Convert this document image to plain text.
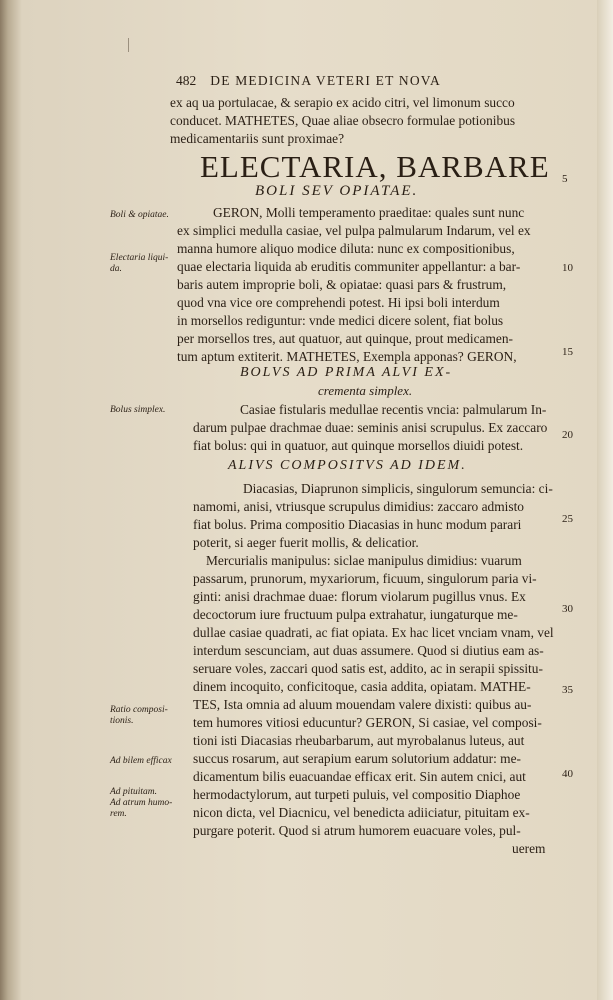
482 DE MEDICINA VETERI ET NOVA
ex aq ua portulacae, & serapio ex acido citri, vel limonum succo
conducet. MATHETES, Quae aliae obsecro formulae potionibus
medicamentariis sunt proximae?
ELECTARIA, BARBARE
BOLI SEV OPIATAE.
GERON, Molli temperamento praeditae: quales sunt nunc
ex simplici medulla casiae, vel pulpa palmularum Indarum, vel ex
manna humore aliquo modice diluta: nunc ex compositionibus,
quae electaria liquida ab eruditis communiter appellantur: a bar-
baris autem improprie boli, & opiatae: quasi pars & frustrum,
quod vna vice ore comprehendi potest. Hi ipsi boli interdum
in morsellos rediguntur: vnde medici dicere solent, fiat bolus
per morsellos tres, aut quatuor, aut quinque, prout medicamen-
tum aptum extiterit. MATHETES, Exempla apponas? GERON,
BOLVS AD PRIMA ALVI EX-
crementa simplex.
Casiae fistularis medullae recentis vncia: palmularum In-
darum pulpae drachmae duae: seminis anisi scrupulus. Ex zaccaro
fiat bolus: qui in quatuor, aut quinque morsellos diuidi potest.
ALIVS COMPOSITVS AD IDEM.
Diacasias, Diaprunon simplicis, singulorum semuncia: ci-
namomi, anisi, vtriusque scrupulus dimidius: zaccaro admisto
fiat bolus. Prima compositio Diacasias in hunc modum parari
poterit, si aeger fuerit mollis, & delicatior.
Mercurialis manipulus: siclae manipulus dimidius: vuarum
passarum, prunorum, myxariorum, ficuum, singulorum paria vi-
ginti: anisi drachmae duae: florum violarum pugillus vnus. Ex
decoctorum iure fructuum pulpa extrahatur, iungaturque me-
dullae casiae quadrati, ac fiat opiata. Ex hac licet vnciam vnam, vel
interdum sescunciam, aut duas assumere. Quod si diutius eam as-
seruare voles, zaccari quod satis est, addito, ac in serapii spissitu-
dinem incoquito, conficitoque, casia addita, opiatam. MATHE-
TES, Ista omnia ad aluum mouendam valere dixisti: quibus au-
tem humores vitiosi educuntur? GERON, Si casiae, vel composi-
tioni isti Diacasias rheubarbarum, aut myrobalanus luteus, aut
succus rosarum, aut serapium earum solutorium addatur: me-
dicamentum bilis euacuandae efficax erit. Sin autem cnici, aut
hermodactylorum, aut turpeti puluis, vel compositio Diaphoe
nicon dicta, vel Diacnicu, vel benedicta adiiciatur, pituitam ex-
purgare poterit. Quod si atrum humorem euacuare voles, pul-
uerem
Boli & opiatae.
Electaria liqui-
da.
Bolus simplex.
Ratio composi-
tionis.
Ad bilem efficax
Ad pituitam.
Ad atrum humo-
rem.
5
10
15
20
25
30
35
40
